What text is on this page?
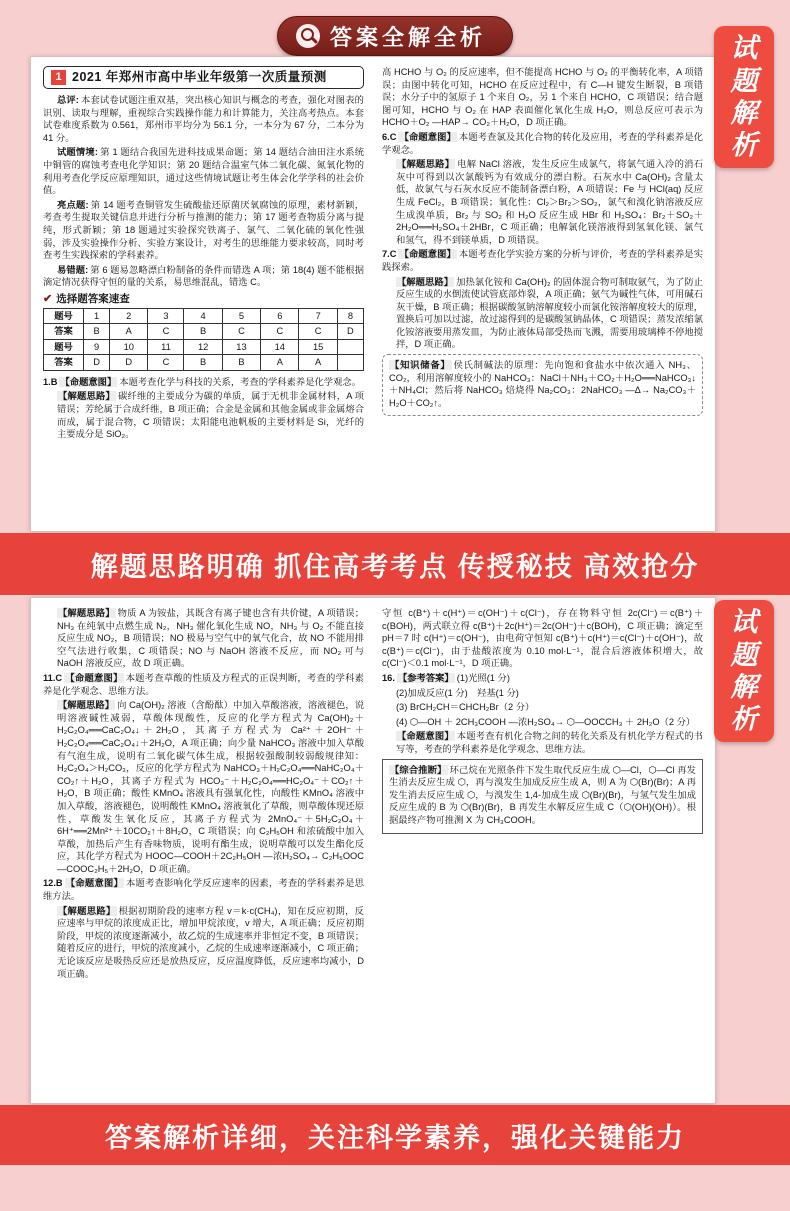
答案全解全析	试
题
解
析
试
题
解
析
1 2021 年郑州市高中毕业年级第一次质量预测

总评: 本套试卷试题注重双基，突出核心知识与概念的考查，强化对图表的识别、读取与理解，重视综合实践操作能力和计算能力，关注高考热点。本套试卷难度系数为 0.561，郑州市平均分为 56.1 分，一本分为 67 分，二本分为 41 分。

试题情境: 第 1 题结合我国先进科技成果命题；第 14 题结合油田注水系统中铜管的腐蚀考查电化学知识；第 20 题结合温室气体二氧化碳、氮氧化物的利用考查化学反应原理知识，通过这些情境试题让考生体会化学学科的社会价值。

亮点题: 第 14 题考查铜管发生硫酸盐还原菌厌氧腐蚀的原理，素材新颖，考查考生提取关键信息并进行分析与推测的能力；第 17 题考查物质分离与提纯，形式新颖；第 18 题通过实验探究铁离子、氯气、二氧化硫的氧化性强弱，涉及实验操作分析、实验方案设计，对考生的思维能力要求较高，同时考查考生实践探索的学科素养。

易错题: 第 6 题易忽略漂白粉制备的条件而错选 A 项；第 18(4) 题不能根据滴定情况获得守恒的量的关系，易思维混乱，错选 C。

✔ 选择题答案速查
题号	1	2	3	4	5	6	7	8
答案	B	A	C	B	C	C	C	D
题号	9	10	11	12	13	14	15	
答案	D	D	C	B	B	A	A	

1.B 【命题意图】 本题考查化学与科技的关系，考查的学科素养是化学观念。

【解题思路】 碳纤维的主要成分为碳的单质，属于无机非金属材料，A 项错误；芳纶属于合成纤维，B 项正确；合金是金属和其他金属或非金属熔合而成，属于混合物，C 项错误；太阳能电池帆板的主要材料是 Si，光纤的主要成分是 SiO₂。

高 HCHO 与 O₂ 的反应速率，但不能提高 HCHO 与 O₂ 的平衡转化率，A 项错误；由图中转化可知，HCHO 在反应过程中，有 C—H 键发生断裂，B 项错误；水分子中的氢原子 1 个来自 O₂，另 1 个来自 HCHO，C 项错误；结合题图可知，HCHO 与 O₂ 在 HAP 表面催化氧化生成 H₂O，则总反应可表示为 HCHO＋O₂ —HAP→ CO₂＋H₂O，D 项正确。

6.C 【命题意图】 本题考查氯及其化合物的转化及应用，考查的学科素养是化学观念。

【解题思路】 电解 NaCl 溶液，发生反应生成氯气，将氯气通入冷的消石灰中可得到以次氯酸钙为有效成分的漂白粉。石灰水中 Ca(OH)₂ 含量太低，故氯气与石灰水反应不能制备漂白粉，A 项错误；Fe 与 HCl(aq) 反应生成 FeCl₂，B 项错误；氧化性：Cl₂＞Br₂＞SO₂，氯气和溴化钠溶液反应生成溴单质，Br₂ 与 SO₂ 和 H₂O 反应生成 HBr 和 H₂SO₄：Br₂＋SO₂＋2H₂O══H₂SO₄＋2HBr，C 项正确；电解氯化镁溶液得到氢氧化镁、氯气和氢气，得不到镁单质，D 项错误。

7.C 【命题意图】 本题考查化学实验方案的分析与评价，考查的学科素养是实践探索。

【解题思路】 加热氯化铵和 Ca(OH)₂ 的固体混合物可制取氨气，为了防止反应生成的水倒流使试管底部炸裂，A 项正确；氨气为碱性气体，可用碱石灰干燥，B 项正确；根据碳酸氢钠溶解度较小而氯化铵溶解度较大的原理，置换后可加以过滤，故过滤得到的是碳酸氢钠晶体，C 项错误；蒸发浓缩氯化铵溶液要用蒸发皿，为防止液体局部受热而飞溅，需要用玻璃棒不停地搅拌，D 项正确。

【知识储备】 侯氏制碱法的原理：先向饱和食盐水中依次通入 NH₃、CO₂，利用溶解度较小的 NaHCO₃：NaCl＋NH₃＋CO₂＋H₂O══NaHCO₃↓＋NH₄Cl；然后将 NaHCO₃ 焙烧得 Na₂CO₃：2NaHCO₃ —Δ→ Na₂CO₃＋H₂O＋CO₂↑。

解题思路明确 抓住高考考点 传授秘技 高效抢分

【解题思路】 物质 A 为铵盐，其既含有离子键也含有共价键，A 项错误；NH₃ 在纯氧中点燃生成 N₂，NH₃ 催化氧化生成 NO，NH₃ 与 O₂ 不能直接反应生成 NO₂，B 项错误；NO 极易与空气中的氧气化合，故 NO 不能用排空气法进行收集，C 项错误；NO 与 NaOH 溶液不反应，而 NO₂ 可与 NaOH 溶液反应，故 D 项正确。

11.C 【命题意图】 本题考查草酸的性质及方程式的正误判断，考查的学科素养是化学观念、思维方法。

【解题思路】 向 Ca(OH)₂ 溶液（含酚酞）中加入草酸溶液，溶液褪色，说明溶液碱性减弱，草酸体现酸性，反应的化学方程式为 Ca(OH)₂＋H₂C₂O₄══CaC₂O₄↓＋2H₂O，其离子方程式为 Ca²⁺＋2OH⁻＋H₂C₂O₄══CaC₂O₄↓＋2H₂O，A 项正确；向少量 NaHCO₃ 溶液中加入草酸有气泡生成，说明有二氧化碳气体生成，根据较强酸制较弱酸规律知：H₂C₂O₄＞H₂CO₃，反应的化学方程式为 NaHCO₃＋H₂C₂O₄══NaHC₂O₄＋CO₂↑＋H₂O，其离子方程式为 HCO₃⁻＋H₂C₂O₄══HC₂O₄⁻＋CO₂↑＋H₂O，B 项正确；酸性 KMnO₄ 溶液具有强氧化性，向酸性 KMnO₄ 溶液中加入草酸，溶液褪色，说明酸性 KMnO₄ 溶液氧化了草酸，则草酸体现还原性，草酸发生氧化反应，其离子方程式为 2MnO₄⁻＋5H₂C₂O₄＋6H⁺══2Mn²⁺＋10CO₂↑＋8H₂O，C 项错误；向 C₂H₅OH 和浓硫酸中加入草酸，加热后产生有香味物质，说明有酯生成，说明草酸可以发生酯化反应，其化学方程式为 HOOC—COOH＋2C₂H₅OH —浓H₂SO₄→ C₂H₅OOC—COOC₂H₅＋2H₂O，D 项正确。

12.B 【命题意图】 本题考查影响化学反应速率的因素，考查的学科素养是思维方法。

【解题思路】 根据初期阶段的速率方程 v＝k·c(CH₄)，知在反应初期，反应速率与甲烷的浓度成正比，增加甲烷浓度，v 增大，A 项正确；反应初期阶段，甲烷的浓度逐渐减小，故乙烷的生成速率并非恒定不变，B 项错误；随着反应的进行，甲烷的浓度减小，乙烷的生成速率逐渐减小，C 项正确；无论该反应是吸热反应还是放热反应，反应温度降低，反应速率均减小，D 项正确。

守恒 c(B⁺)＋c(H⁺)＝c(OH⁻)＋c(Cl⁻)，存在物料守恒 2c(Cl⁻)＝c(B⁺)＋c(BOH)，两式联立得 c(B⁺)＋2c(H⁺)＝2c(OH⁻)＋c(BOH)，C 项正确；滴定至 pH＝7 时 c(H⁺)＝c(OH⁻)，由电荷守恒知 c(B⁺)＋c(H⁺)＝c(Cl⁻)＋c(OH⁻)，故 c(B⁺)＝c(Cl⁻)，由于盐酸浓度为 0.10 mol·L⁻¹，混合后溶液体积增大，故 c(Cl⁻)＜0.1 mol·L⁻¹，D 项正确。

16. 【参考答案】 (1)光照(1 分)

(2)加成反应(1 分)　羟基(1 分)

(3) BrCH₂CH＝CHCH₂Br（2 分）

(4) ⬡—OH ＋ 2CH₃COOH —浓H₂SO₄→ ⬡—OOCCH₃ ＋ 2H₂O（2 分）

【命题意图】 本题考查有机化合物之间的转化关系及有机化学方程式的书写等，考查的学科素养是化学观念、思维方法。

【综合推断】 环己烷在光照条件下发生取代反应生成 ⬡—Cl，⬡—Cl 再发生消去反应生成 ⬡，再与溴发生加成反应生成 A，则 A 为 ⬡(Br)(Br)；A 再发生消去反应生成 ⬡，与溴发生 1,4-加成生成 ⬡(Br)(Br)，与氢气发生加成反应生成的 B 为 ⬡(Br)(Br)，B 再发生水解反应生成 C（⬡(OH)(OH)）。根据最终产物可推测 X 为 CH₃COOH。

答案解析详细，关注科学素养，强化关键能力
